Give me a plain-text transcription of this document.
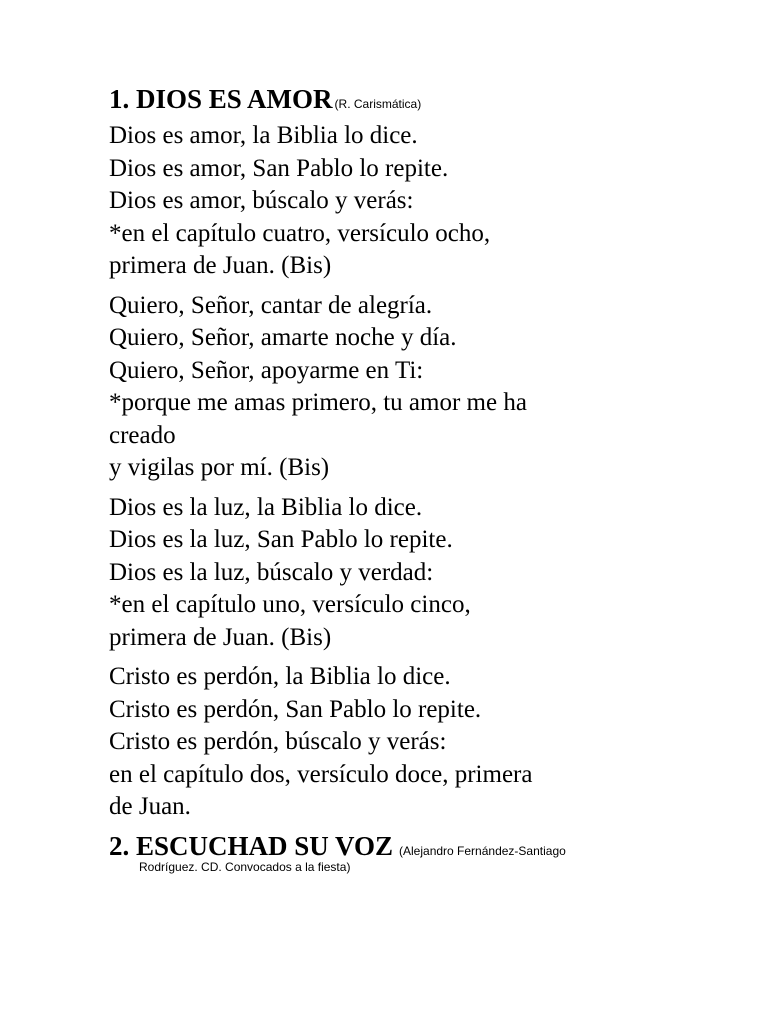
1. DIOS ES AMOR (R. Carismática)
Dios es amor, la Biblia lo dice.
Dios es amor, San Pablo lo repite.
Dios es amor, búscalo y verás:
*en el capítulo cuatro, versículo ocho,
primera de Juan. (Bis)
Quiero, Señor, cantar de alegría.
Quiero, Señor, amarte noche y día.
Quiero, Señor, apoyarme en Ti:
*porque me amas primero, tu amor me ha
creado
y vigilas por mí. (Bis)
Dios es la luz, la Biblia lo dice.
Dios es la luz, San Pablo lo repite.
Dios es la luz, búscalo y verdad:
*en el capítulo uno, versículo cinco,
primera de Juan. (Bis)
Cristo es perdón, la Biblia lo dice.
Cristo es perdón, San Pablo lo repite.
Cristo es perdón, búscalo y verás:
en el capítulo dos, versículo doce, primera
de Juan.
2. ESCUCHAD SU VOZ (Alejandro Fernández-Santiago
Rodríguez. CD. Convocados a la fiesta)
